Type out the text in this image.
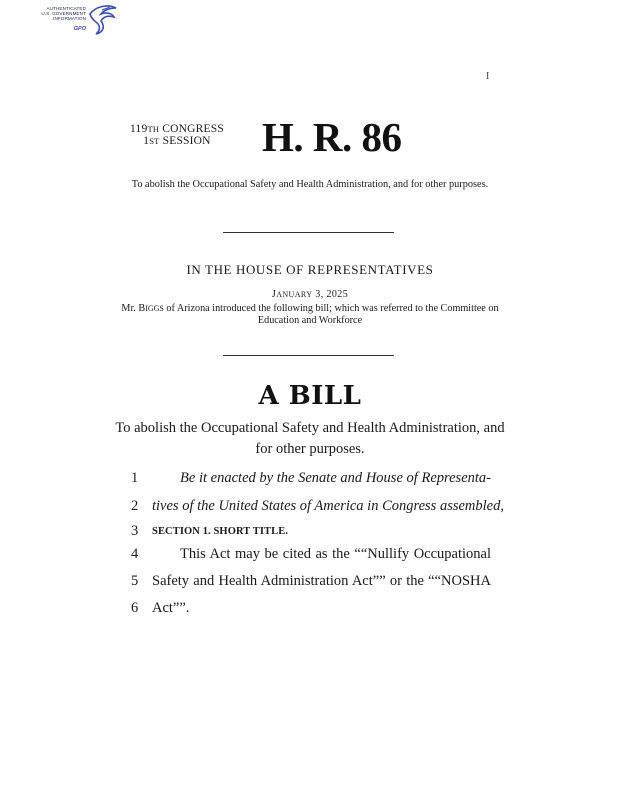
AUTHENTICATED
U.S. GOVERNMENT
INFORMATION
GPO
I
119TH CONGRESS
1ST SESSION	H. R. 86
To abolish the Occupational Safety and Health Administration, and for other purposes.
IN THE HOUSE OF REPRESENTATIVES
JANUARY 3, 2025
Mr. BIGGS of Arizona introduced the following bill; which was referred to the Committee on Education and Workforce
A BILL
To abolish the Occupational Safety and Health Administration, and for other purposes.
1	Be it enacted by the Senate and House of Representa-
2 tives of the United States of America in Congress assembled,
3 SECTION 1. SHORT TITLE.
4	This Act may be cited as the ““Nullify Occupational
5 Safety and Health Administration Act”” or the ““NOSHA
6 Act””.
